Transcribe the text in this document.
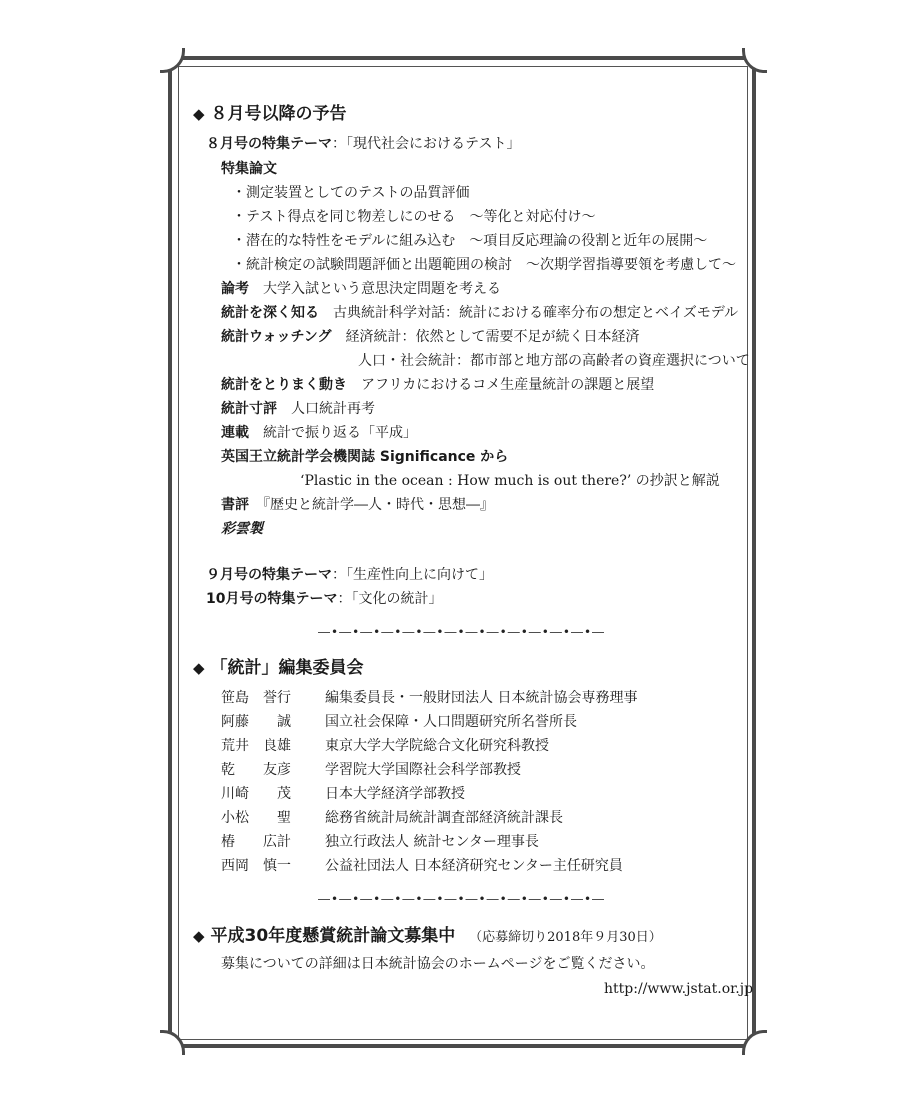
◆ ８月号以降の予告
８月号の特集テーマ：「現代社会におけるテスト」
特集論文
・測定装置としてのテストの品質評価
・テスト得点を同じ物差しにのせる　～等化と対応付け～
・潜在的な特性をモデルに組み込む　～項目反応理論の役割と近年の展開～
・統計検定の試験問題評価と出題範囲の検討　～次期学習指導要領を考慮して～
論考　 大学入試という意思決定問題を考える
統計を深く知る　 古典統計科学対話：統計における確率分布の想定とベイズモデル
統計ウォッチング　 経済統計：依然として需要不足が続く日本経済
人口・社会統計：都市部と地方部の高齢者の資産選択について
統計をとりまく動き　 アフリカにおけるコメ生産量統計の課題と展望
統計寸評　 人口統計再考
連載　 統計で振り返る「平成」
英国王立統計学会機関誌 Significance から
‘Plastic in the ocean : How much is out there?’ の抄訳と解説
書評　 『歴史と統計学―人・時代・思想―』
彩雲製
９月号の特集テーマ：「生産性向上に向けて」
10月号の特集テーマ：「文化の統計」
―•―•―•―•―•―•―•―•―•―•―•―•―•―
◆ 「統計」編集委員会
笹島　誉行	編集委員長・一般財団法人 日本統計協会専務理事
阿藤　　誠	国立社会保障・人口問題研究所名誉所長
荒井　良雄	東京大学大学院総合文化研究科教授
乾　　友彦	学習院大学国際社会科学部教授
川崎　　茂	日本大学経済学部教授
小松　　聖	総務省統計局統計調査部経済統計課長
椿　　広計	独立行政法人 統計センター理事長
西岡　慎一	公益社団法人 日本経済研究センター主任研究員
―•―•―•―•―•―•―•―•―•―•―•―•―•―
◆ 平成30年度懸賞統計論文募集中 （応募締切り2018年９月30日）
募集についての詳細は日本統計協会のホームページをご覧ください。
http://www.jstat.or.jp
